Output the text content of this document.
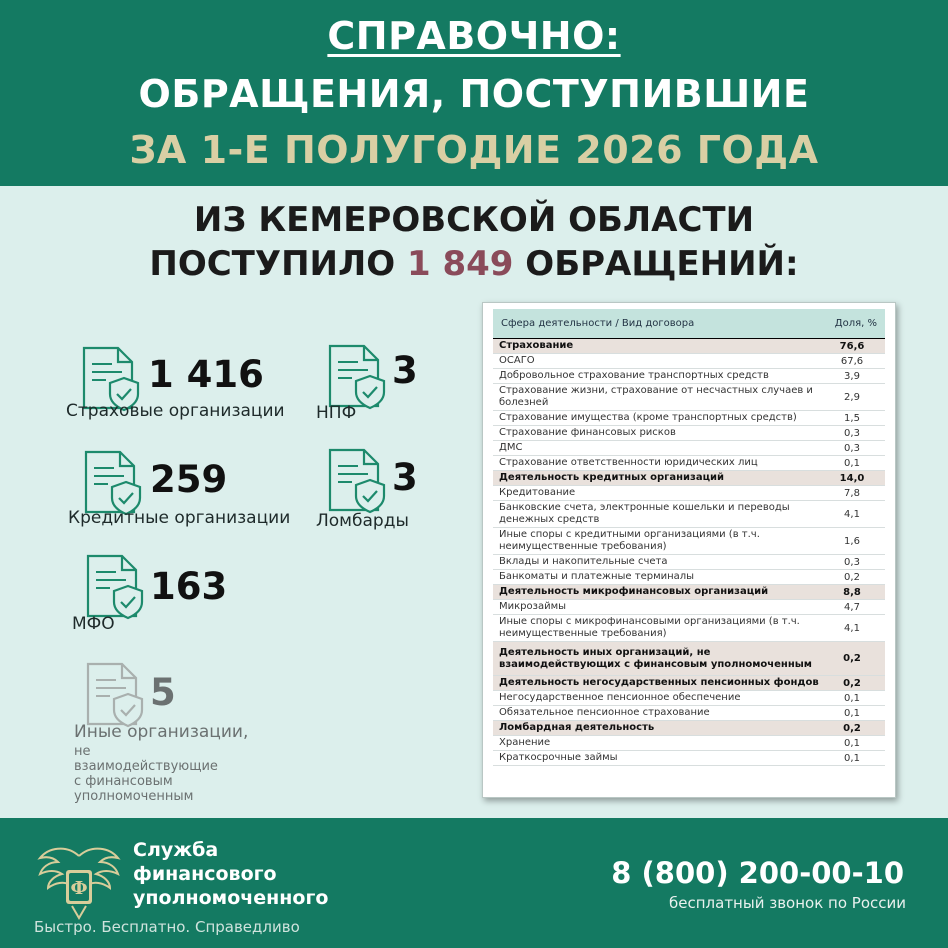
СПРАВОЧНО:
ОБРАЩЕНИЯ, ПОСТУПИВШИЕ
ЗА 1-Е ПОЛУГОДИЕ 2026 ГОДА
ИЗ КЕМЕРОВСКОЙ ОБЛАСТИ
ПОСТУПИЛО 1 849 ОБРАЩЕНИЙ:
1 416
Страховые организации
3
НПФ
259
Кредитные организации
3
Ломбарды
163
МФО
5
Иные организации,
не взаимодействующие
с финансовым
уполномоченным
Сфера деятельности / Вид договора	Доля, %
Страхование	76,6
ОСАГО	67,6
Добровольное страхование транспортных средств	3,9
Страхование жизни, страхование от несчастных случаев и болезней	2,9
Страхование имущества (кроме транспортных средств)	1,5
Страхование финансовых рисков	0,3
ДМС	0,3
Страхование ответственности юридических лиц	0,1
Деятельность кредитных организаций	14,0
Кредитование	7,8
Банковские счета, электронные кошельки и переводы денежных средств	4,1
Иные споры с кредитными организациями (в т.ч. неимущественные требования)	1,6
Вклады и накопительные счета	0,3
Банкоматы и платежные терминалы	0,2
Деятельность микрофинансовых организаций	8,8
Микрозаймы	4,7
Иные споры с микрофинансовыми организациями (в т.ч. неимущественные требования)	4,1
Деятельность иных организаций, не взаимодействующих с финансовым уполномоченным	0,2
Деятельность негосударственных пенсионных фондов	0,2
Негосударственное пенсионное обеспечение	0,1
Обязательное пенсионное страхование	0,1
Ломбардная деятельность	0,2
Хранение	0,1
Краткосрочные займы	0,1
Ф
Служба
финансового
уполномоченного
Быстро. Бесплатно. Справедливо
8 (800) 200-00-10
бесплатный звонок по России
